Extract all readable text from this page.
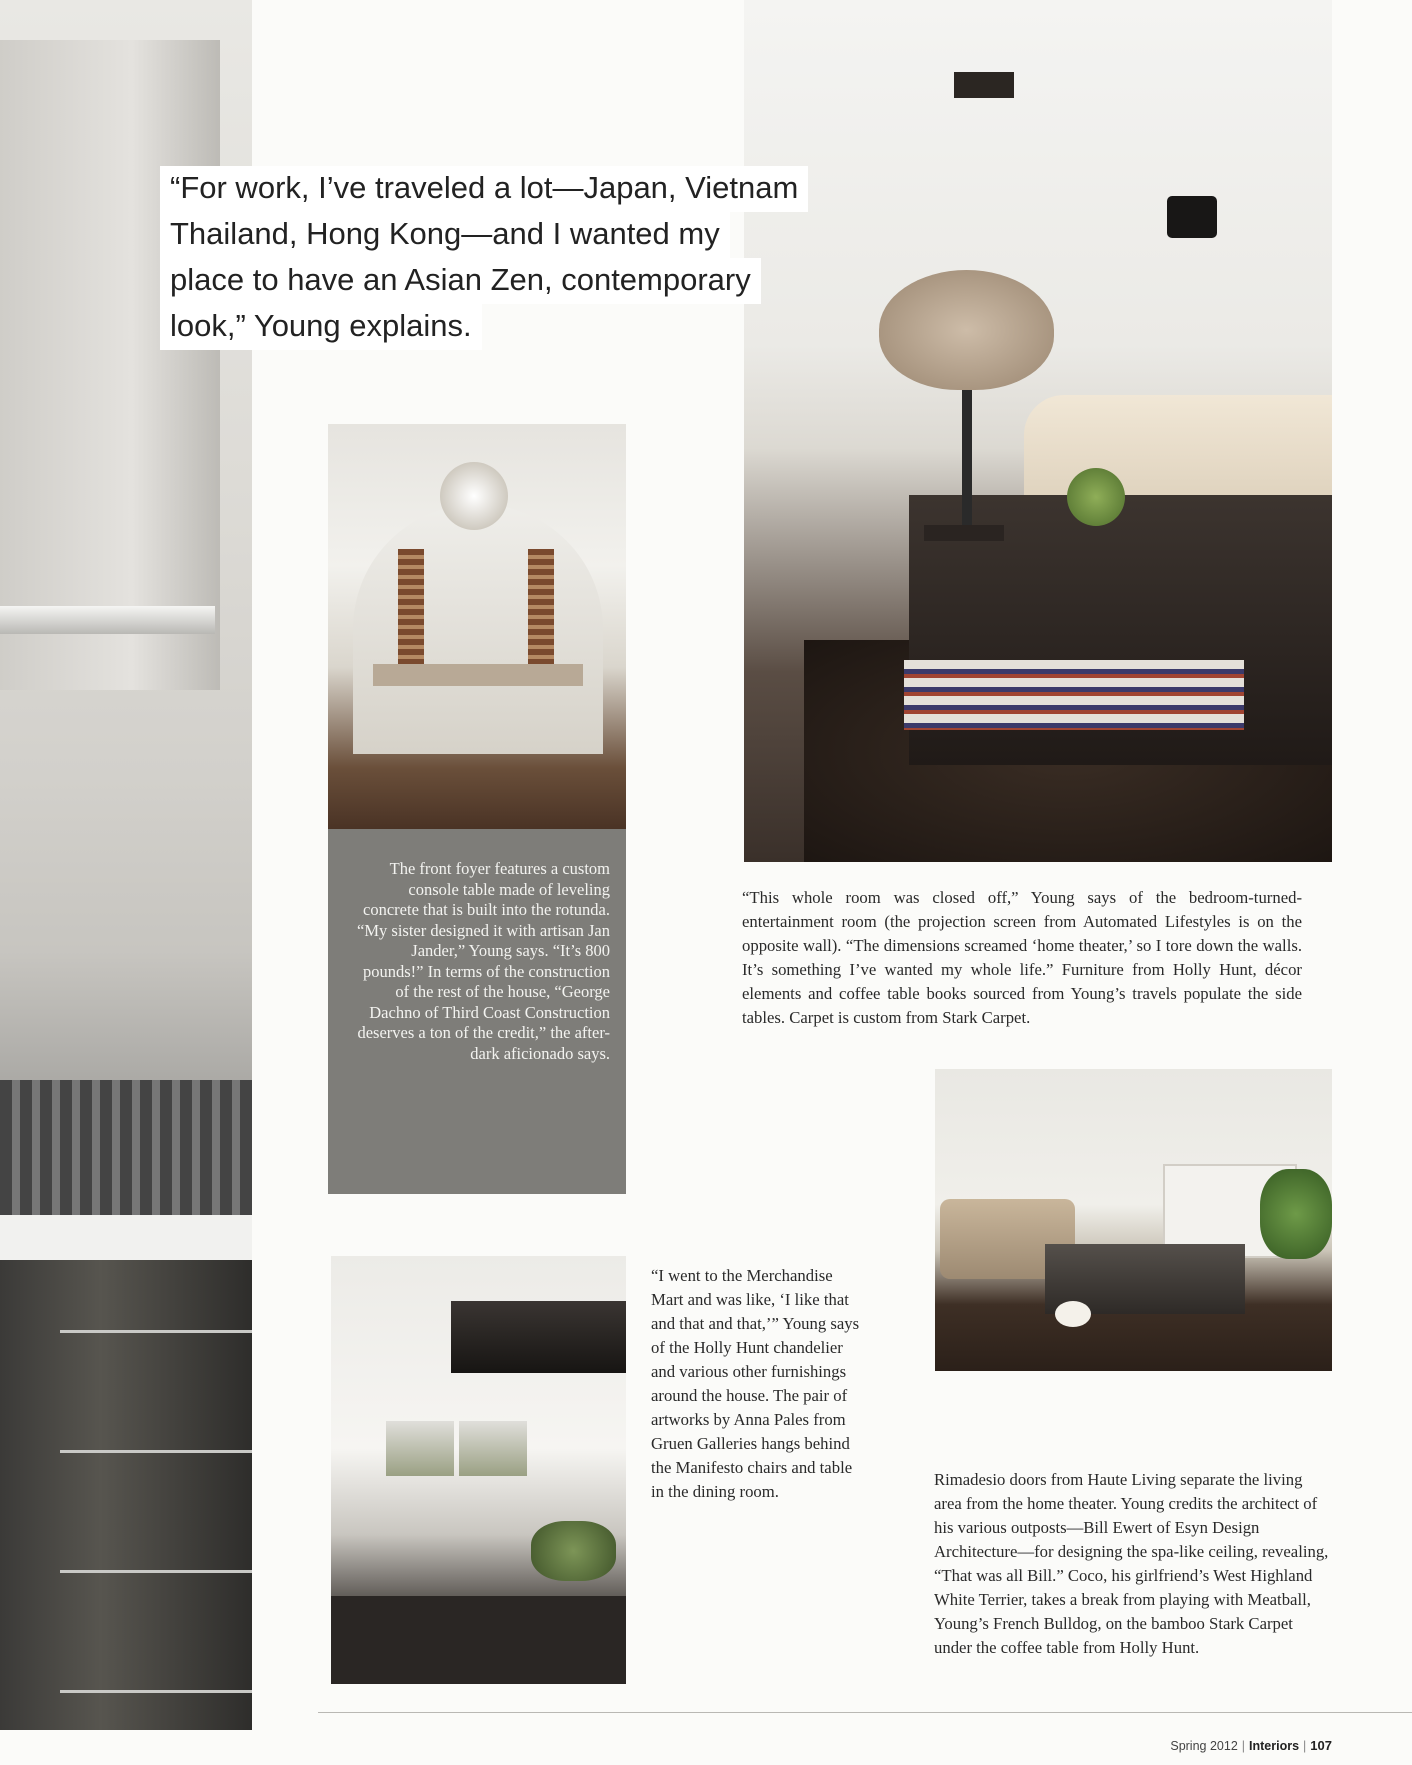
“For work, I’ve traveled a lot—Japan, Vietnam
Thailand, Hong Kong—and I wanted my
place to have an Asian Zen, contemporary
look,” Young explains.
The front foyer features a custom console table made of leveling concrete that is built into the rotunda. “My sister designed it with artisan Jan Jander,” Young says. “It’s 800 pounds!” In terms of the construction of the rest of the house, “George Dachno of Third Coast Construction deserves a ton of the credit,” the after-dark aficionado says.
“This whole room was closed off,” Young says of the bedroom-turned-entertainment room (the projection screen from Automated Lifestyles is on the opposite wall). “The dimensions screamed ‘home theater,’ so I tore down the walls. It’s something I’ve wanted my whole life.” Furniture from Holly Hunt, décor elements and coffee table books sourced from Young’s travels populate the side tables. Carpet is custom from Stark Carpet.
“I went to the Merchandise Mart and was like, ‘I like that and that and that,’” Young says of the Holly Hunt chandelier and various other furnishings around the house. The pair of artworks by Anna Pales from Gruen Galleries hangs behind the Manifesto chairs and table in the dining room.
Rimadesio doors from Haute Living separate the living area from the home theater. Young credits the architect of his various outposts—Bill Ewert of Esyn Design Architecture—for designing the spa-like ceiling, revealing, “That was all Bill.” Coco, his girlfriend’s West Highland White Terrier, takes a break from playing with Meatball, Young’s French Bulldog, on the bamboo Stark Carpet under the coffee table from Holly Hunt.
Spring 2012 | Interiors | 107
